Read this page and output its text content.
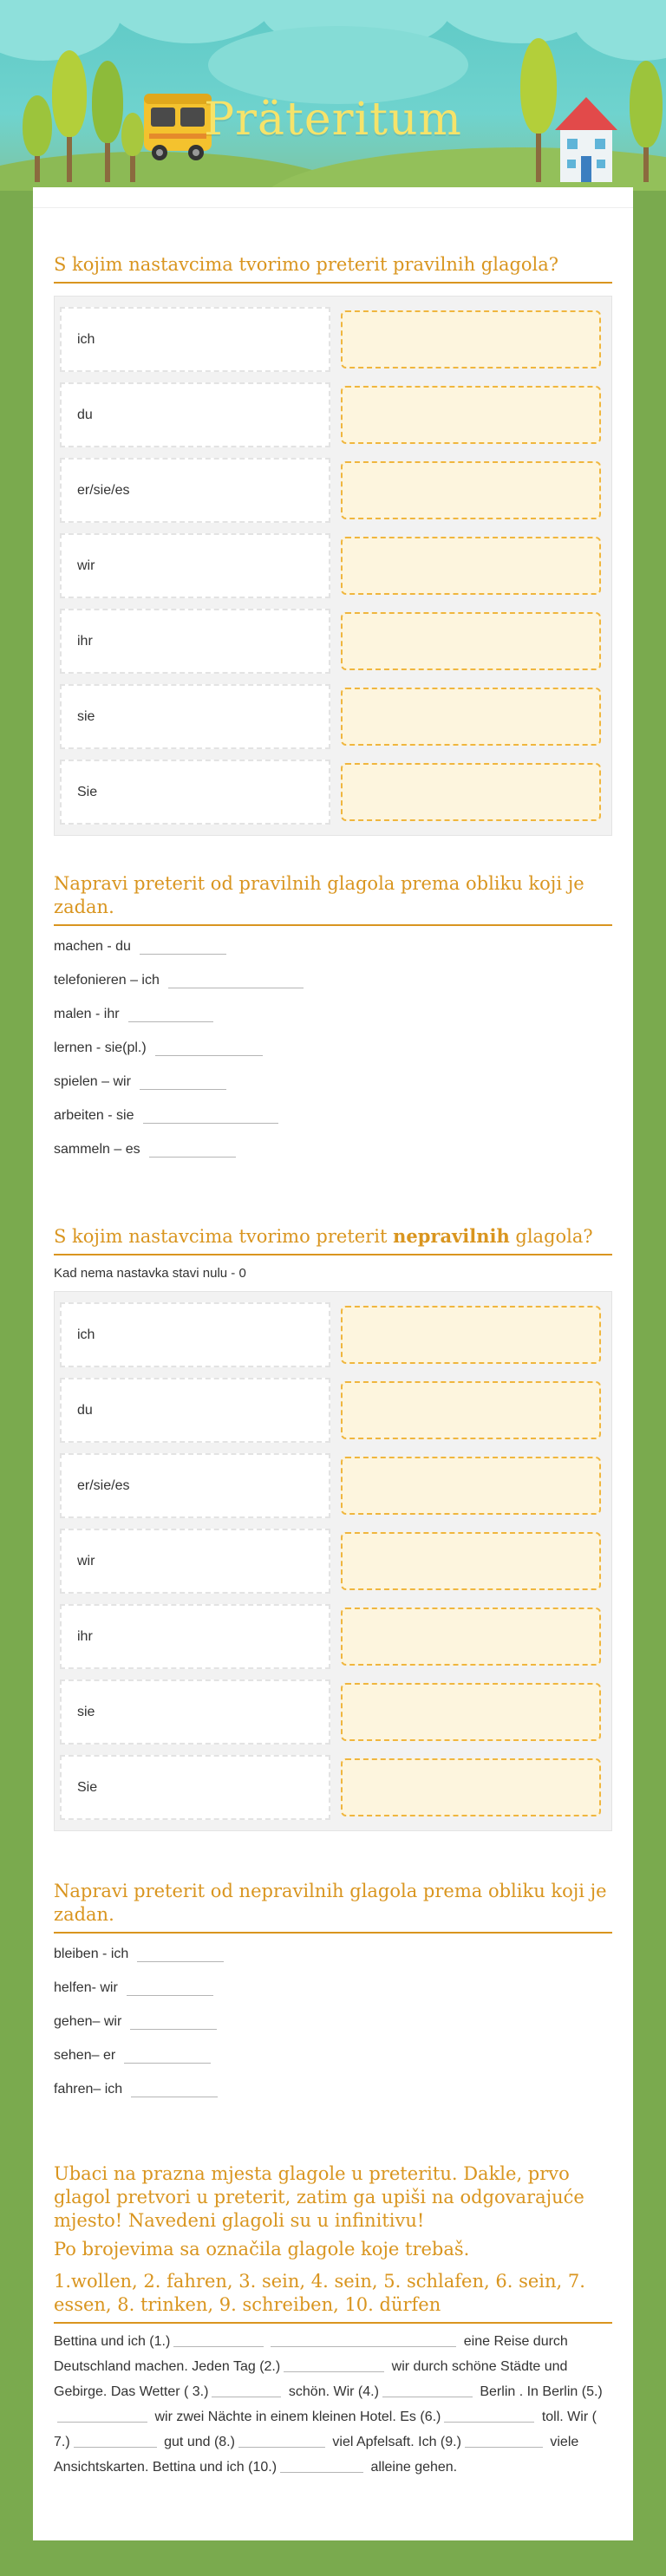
Präteritum
S kojim nastavcima tvorimo preterit pravilnih glagola?
ich
du
er/sie/es
wir
ihr
sie
Sie
Napravi preterit od pravilnih glagola prema obliku koji je zadan.
machen - du
telefonieren – ich
malen - ihr
lernen - sie(pl.)
spielen – wir
arbeiten - sie
sammeln – es
S kojim nastavcima tvorimo preterit nepravilnih glagola?
Kad nema nastavka stavi nulu - 0
ich
du
er/sie/es
wir
ihr
sie
Sie
Napravi preterit od nepravilnih glagola prema obliku koji je zadan.
bleiben - ich
helfen- wir
gehen– wir
sehen– er
fahren– ich
Ubaci na prazna mjesta glagole u preteritu. Dakle, prvo glagol pretvori u preterit, zatim ga upiši na odgovarajuće mjesto! Navedeni glagoli su u infinitivu!
Po brojevima sa označila glagole koje trebaš.
1.wollen, 2. fahren, 3. sein, 4. sein, 5. schlafen, 6. sein, 7. essen, 8. trinken, 9. schreiben, 10. dürfen
Bettina und ich (1.)	eine Reise durch Deutschland machen. Jeden Tag (2.)	wir durch schöne Städte und Gebirge. Das Wetter ( 3.)	schön. Wir (4.)	Berlin . In Berlin (5.) wir zwei Nächte in einem kleinen Hotel. Es (6.)	toll. Wir ( 7.)	gut und (8.)	viel Apfelsaft. Ich (9.)	viele Ansichtskarten. Bettina und ich (10.)	alleine gehen.
